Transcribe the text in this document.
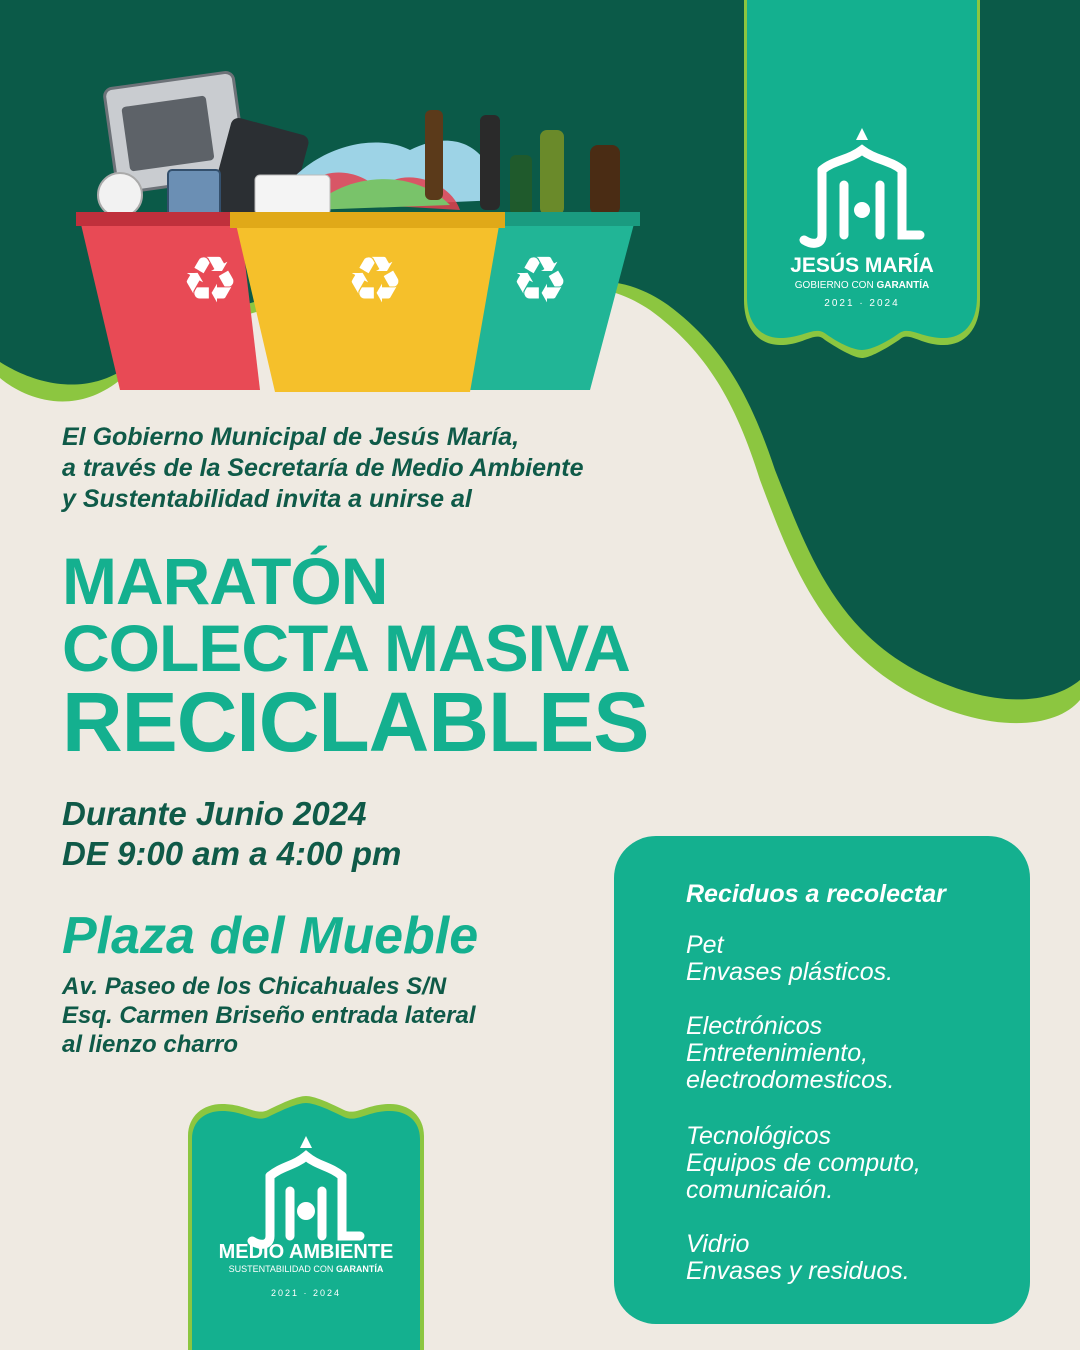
♻ ♻ ♻	JESÚS MARÍA
GOBIERNO CON GARANTÍA
2021 · 2024

El Gobierno Municipal de Jesús María,
a través de la Secretaría de Medio Ambiente
y Sustentabilidad invita a unirse al

MARATÓN
COLECTA MASIVA
RECICLABLES
Durante Junio 2024
DE 9:00 am a 4:00 pm
Plaza del Mueble
Av. Paseo de los Chicahuales S/N
Esq. Carmen Briseño entrada lateral
al lienzo charro
Reciduos a recolectar
Pet
Envases plásticos.
Electrónicos
Entretenimiento,
electrodomesticos.
Tecnológicos
Equipos de computo,
comunicaión.
Vidrio
Envases y residuos.
MEDIO AMBIENTE
SUSTENTABILIDAD CON GARANTÍA
2021 · 2024
